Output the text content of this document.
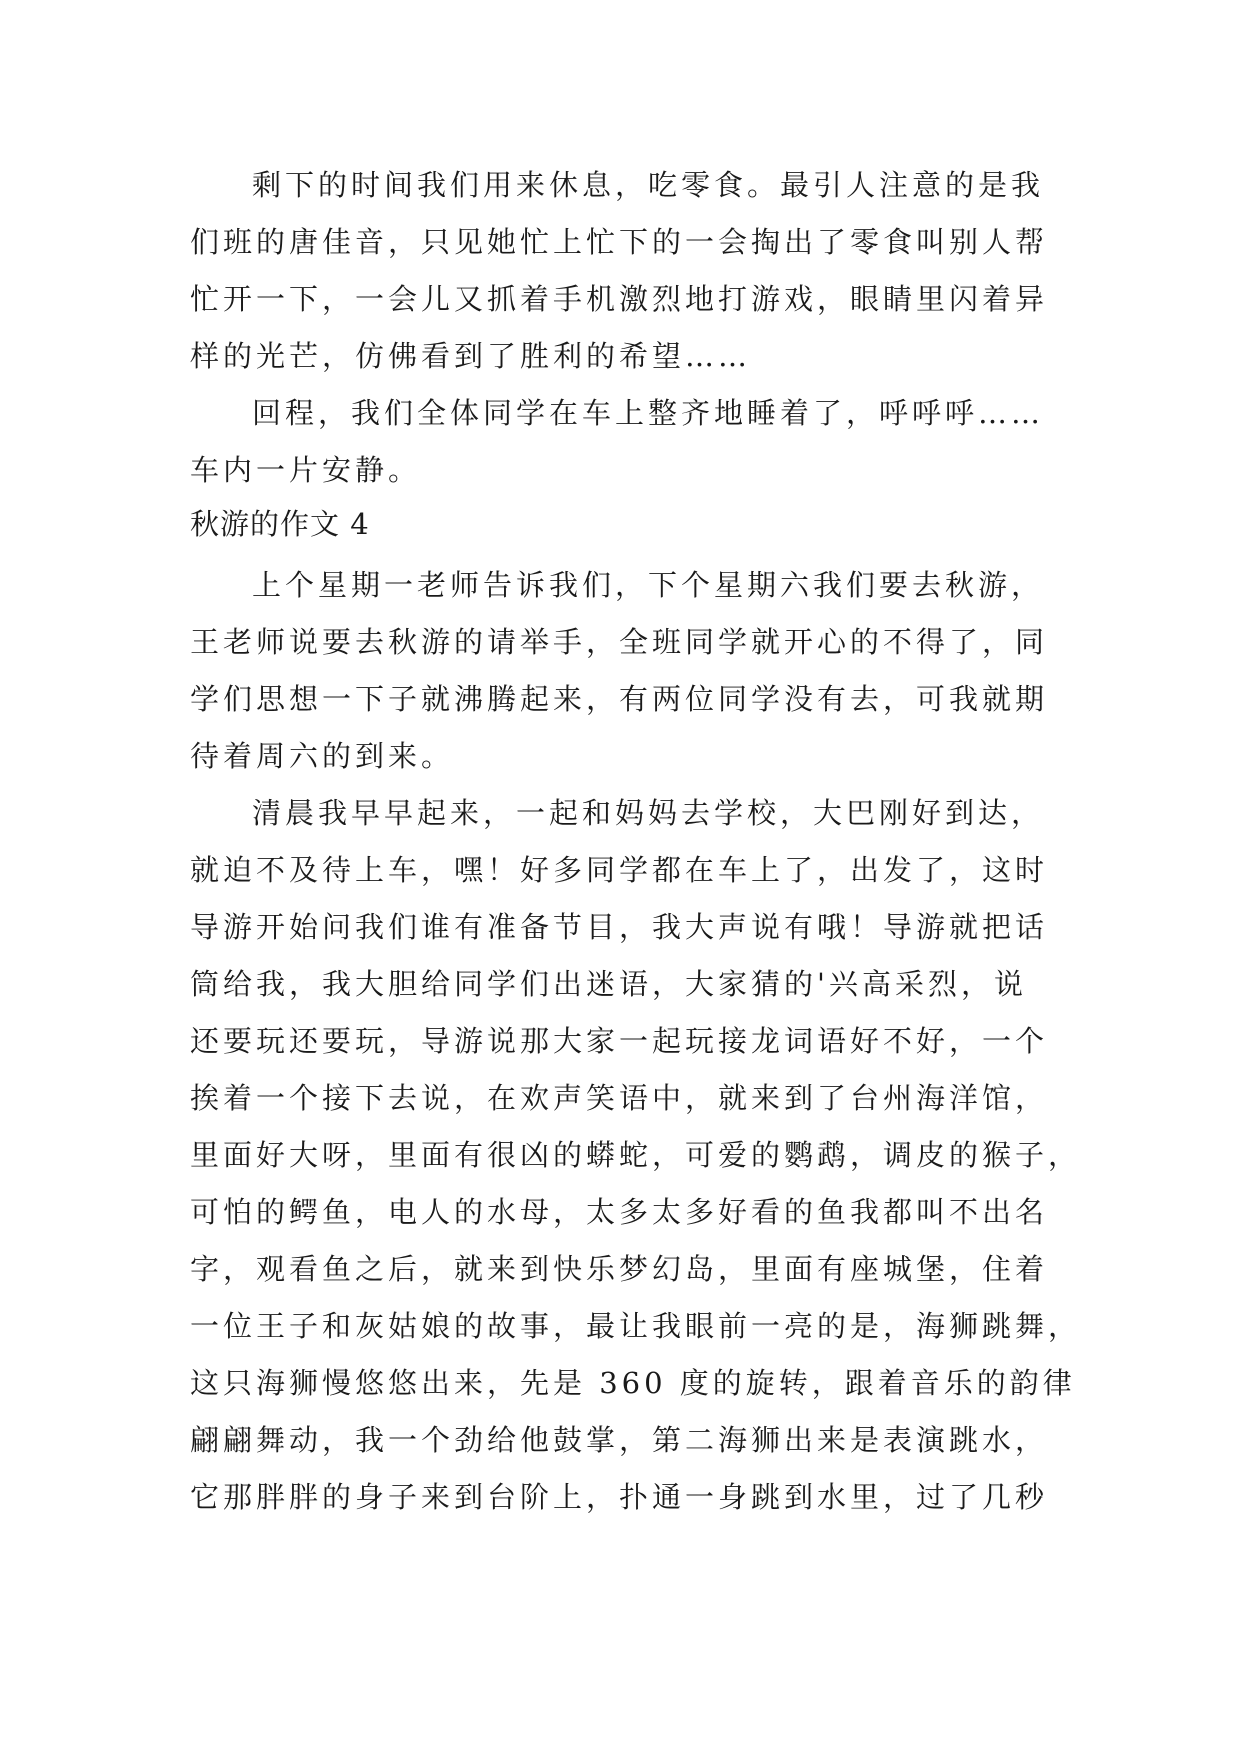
剩下的时间我们用来休息，吃零食。最引人注意的是我
们班的唐佳音，只见她忙上忙下的一会掏出了零食叫别人帮
忙开一下，一会儿又抓着手机激烈地打游戏，眼睛里闪着异
样的光芒，仿佛看到了胜利的希望……
回程，我们全体同学在车上整齐地睡着了，呼呼呼……
车内一片安静。
秋游的作文 4
上个星期一老师告诉我们，下个星期六我们要去秋游，
王老师说要去秋游的请举手，全班同学就开心的不得了，同
学们思想一下子就沸腾起来，有两位同学没有去，可我就期
待着周六的到来。
清晨我早早起来，一起和妈妈去学校，大巴刚好到达，
就迫不及待上车，嘿！好多同学都在车上了，出发了，这时
导游开始问我们谁有准备节目，我大声说有哦！导游就把话
筒给我，我大胆给同学们出迷语，大家猜的'兴高采烈，说
还要玩还要玩，导游说那大家一起玩接龙词语好不好，一个
挨着一个接下去说，在欢声笑语中，就来到了台州海洋馆，
里面好大呀，里面有很凶的蟒蛇，可爱的鹦鹉，调皮的猴子，
可怕的鳄鱼，电人的水母，太多太多好看的鱼我都叫不出名
字，观看鱼之后，就来到快乐梦幻岛，里面有座城堡，住着
一位王子和灰姑娘的故事，最让我眼前一亮的是，海狮跳舞，
这只海狮慢悠悠出来，先是 360 度的旋转，跟着音乐的韵律
翩翩舞动，我一个劲给他鼓掌，第二海狮出来是表演跳水，
它那胖胖的身子来到台阶上，扑通一身跳到水里，过了几秒
